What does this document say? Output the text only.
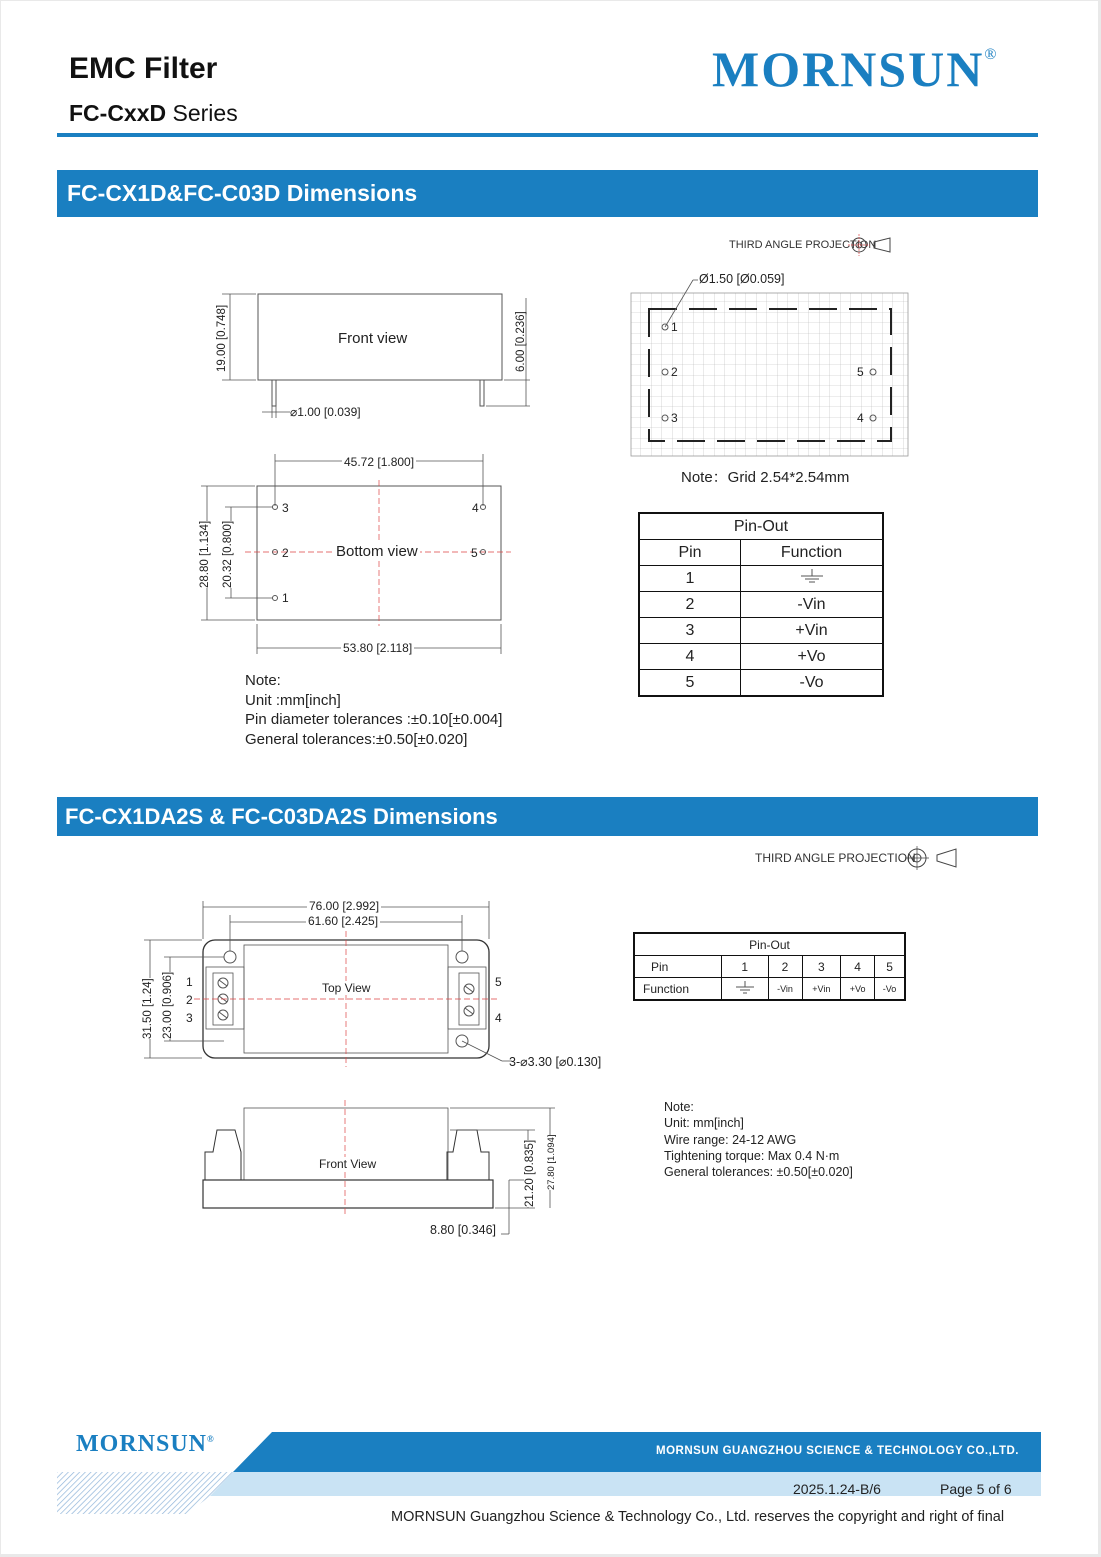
EMC Filter
FC-CxxD Series
MORNSUN®
FC-CX1D&FC-C03D Dimensions
THIRD ANGLE PROJECTION
Front view
19.00 [0.748]	6.00 [0.236]
⌀1.00 [0.039]
45.72 [1.800]
53.80 [2.118]
28.80 [1.134] 20.32 [0.800]	Bottom view
3
2
1
4
5
Ø1.50 [Ø0.059]
1
2
3
5
4
Note：Grid 2.54*2.54mm
Pin-Out	
Pin	Function
1	
2	-Vin
3	+Vin
4	+Vo
5	-Vo
Note:
Unit :mm[inch]
Pin diameter tolerances :±0.10[±0.004]
General tolerances:±0.50[±0.020]
FC-CX1DA2S & FC-C03DA2S Dimensions
THIRD ANGLE PROJECTION
76.00 [2.992]
61.60 [2.425]
31.50 [1.24] 23.00 [0.906]	Top View
3-⌀3.30 [⌀0.130]
1
2
3
5
4
Front View	21.20 [0.835] 27.80 [1.094]
8.80 [0.346]
Pin-Out					
Pin	1	2	3	4	5
Function		-Vin	+Vin	+Vo	-Vo
Note:
Unit: mm[inch]
Wire range: 24-12 AWG
Tightening torque: Max 0.4 N·m
General tolerances: ±0.50[±0.020]
MORNSUN®
MORNSUN GUANGZHOU SCIENCE & TECHNOLOGY CO.,LTD.
2025.1.24-B/6	Page 5 of 6
MORNSUN Guangzhou Science & Technology Co., Ltd. reserves the copyright and right of final
